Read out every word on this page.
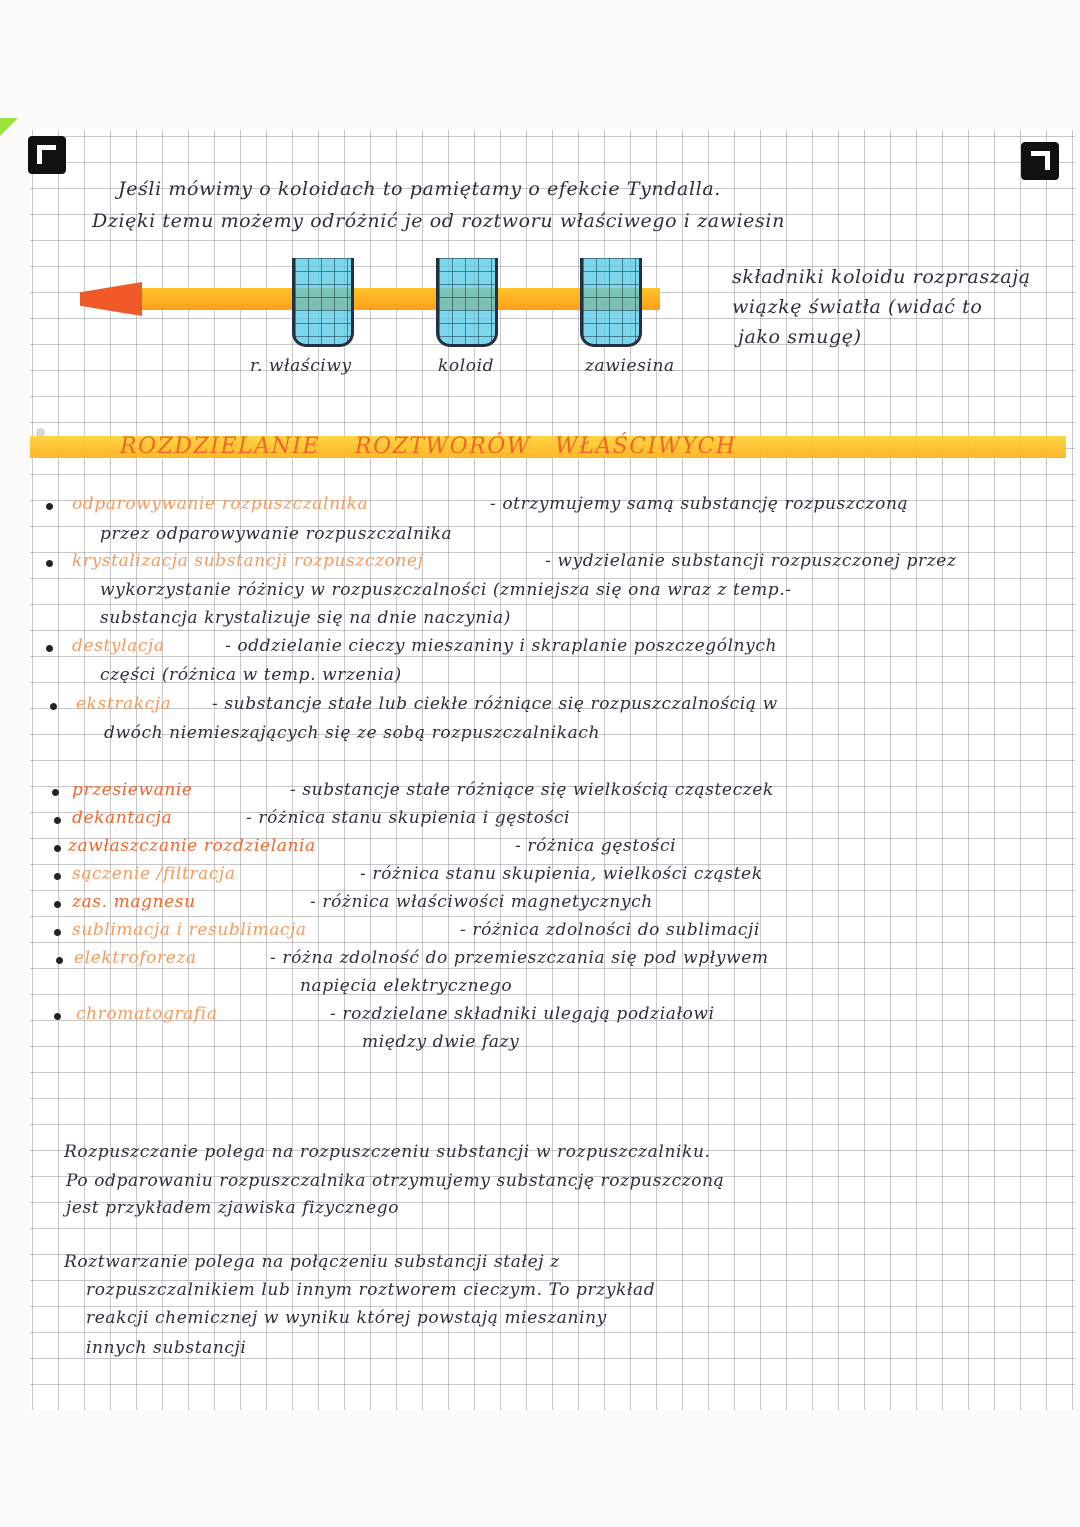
Jeśli mówimy o koloidach to pamiętamy o efekcie Tyndalla.
Dzięki temu możemy odróżnić je od roztworu właściwego i zawiesin
r. właściwy	koloid	zawiesina
składniki koloidu rozpraszają
wiązkę światła (widać to
jako smugę)
ROZDZIELANIE ROZTWORÓW WŁAŚCIWYCH
odparowywanie rozpuszczalnika	- otrzymujemy samą substancję rozpuszczoną
przez odparowywanie rozpuszczalnika
krystalizacja substancji rozpuszczonej	- wydzielanie substancji rozpuszczonej przez
wykorzystanie różnicy w rozpuszczalności (zmniejsza się ona wraz z temp.-
substancja krystalizuje się na dnie naczynia)
destylacja	- oddzielanie cieczy mieszaniny i skraplanie poszczególnych
części (różnica w temp. wrzenia)
ekstrakcja - substancje stałe lub ciekłe różniące się rozpuszczalnością w
dwóch niemieszających się ze sobą rozpuszczalnikach
przesiewanie	- substancje stałe różniące się wielkością cząsteczek
dekantacja	- różnica stanu skupienia i gęstości
zawłaszczanie rozdzielania	- różnica gęstości
sączenie /filtracja	- różnica stanu skupienia, wielkości cząstek
zas. magnesu	- różnica właściwości magnetycznych
sublimacja i resublimacja	- różnica zdolności do sublimacji
elektroforeza	- różna zdolność do przemieszczania się pod wpływem
napięcia elektrycznego
chromatografia	- rozdzielane składniki ulegają podziałowi
między dwie fazy
Rozpuszczanie polega na rozpuszczeniu substancji w rozpuszczalniku.
Po odparowaniu rozpuszczalnika otrzymujemy substancję rozpuszczoną
jest przykładem zjawiska fizycznego
Roztwarzanie polega na połączeniu substancji stałej z
rozpuszczalnikiem lub innym roztworem cieczym. To przykład
reakcji chemicznej w wyniku której powstają mieszaniny
innych substancji
